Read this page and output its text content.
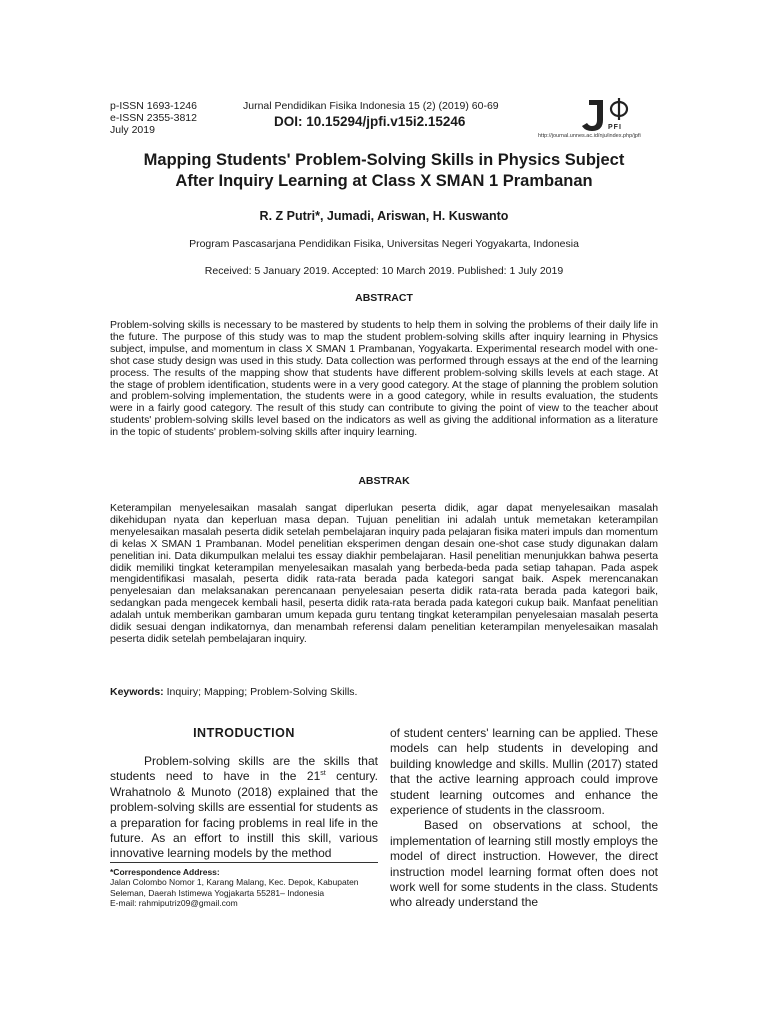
p-ISSN 1693-1246
e-ISSN 2355-3812
July 2019
Jurnal Pendidikan Fisika Indonesia 15 (2) (2019) 60-69
DOI: 10.15294/jpfi.v15i2.15246	PFI
http://journal.unnes.ac.id/nju/index.php/jpfi
Mapping Students' Problem-Solving Skills in Physics Subject
After Inquiry Learning at Class X SMAN 1 Prambanan
R. Z Putri*, Jumadi, Ariswan, H. Kuswanto
Program Pascasarjana Pendidikan Fisika, Universitas Negeri Yogyakarta, Indonesia
Received: 5 January 2019. Accepted: 10 March 2019. Published: 1 July 2019
ABSTRACT
Problem-solving skills is necessary to be mastered by students to help them in solving the problems of their daily life in the future. The purpose of this study was to map the student problem-solving skills after inquiry learning in Physics subject, impulse, and momentum in class X SMAN 1 Prambanan, Yogyakarta. Experimental research model with one-shot case study design was used in this study. Data collection was performed through essays at the end of the learning process. The results of the mapping show that students have different problem-solving skills levels at each stage. At the stage of problem identification, students were in a very good category. At the stage of planning the problem solution and problem-solving implementation, the students were in a good category, while in results evaluation, the students were in a fairly good category. The result of this study can contribute to giving the point of view to the teacher about students' problem-solving skills level based on the indicators as well as giving the additional information as a literature in the topic of students' problem-solving skills after inquiry learning.
ABSTRAK
Keterampilan menyelesaikan masalah sangat diperlukan peserta didik, agar dapat menyelesaikan masalah dikehidupan nyata dan keperluan masa depan. Tujuan penelitian ini adalah untuk memetakan keterampilan menyelesaikan masalah peserta didik setelah pembelajaran inquiry pada pelajaran fisika materi impuls dan momentum di kelas X SMAN 1 Prambanan. Model penelitian eksperimen dengan desain one-shot case study digunakan dalam penelitian ini. Data dikumpulkan melalui tes essay diakhir pembelajaran. Hasil penelitian menunjukkan bahwa peserta didik memiliki tingkat keterampilan menyelesaikan masalah yang berbeda-beda pada setiap tahapan. Pada aspek mengidentifikasi masalah, peserta didik rata-rata berada pada kategori sangat baik. Aspek merencanakan penyelesaian dan melaksanakan perencanaan penyelesaian peserta didik rata-rata berada pada kategori baik, sedangkan pada mengecek kembali hasil, peserta didik rata-rata berada pada kategori cukup baik. Manfaat penelitian adalah untuk memberikan gambaran umum kepada guru tentang tingkat keterampilan penyelesaian masalah peserta didik sesuai dengan indikatornya, dan menambah referensi dalam penelitian keterampilan menyelesaikan masalah peserta didik setelah pembelajaran inquiry.
Keywords: Inquiry; Mapping; Problem-Solving Skills.
INTRODUCTION

Problem-solving skills are the skills that students need to have in the 21st century. Wrahatnolo & Munoto (2018) explained that the problem-solving skills are essential for students as a preparation for facing problems in real life in the future. As an effort to instill this skill, various innovative learning models by the method

of student centers' learning can be applied. These models can help students in developing and building knowledge and skills. Mullin (2017) stated that the active learning approach could improve student learning outcomes and enhance the experience of students in the classroom.

Based on observations at school, the implementation of learning still mostly employs the model of direct instruction. However, the direct instruction model learning format often does not work well for some students in the class. Students who already understand the

*Correspondence Address:
Jalan Colombo Nomor 1, Karang Malang, Kec. Depok, Kabupaten Seleman, Daerah Istimewa Yogjakarta 55281– Indonesia
E-mail: rahmiputriz09@gmail.com
